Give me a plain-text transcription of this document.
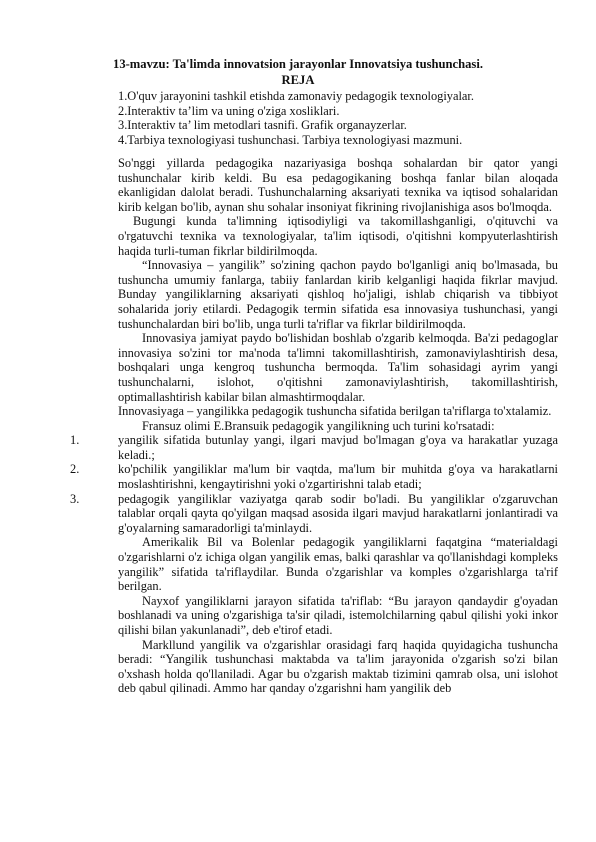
13-mavzu: Ta'limda innovatsion jarayonlar Innovatsiya tushunchasi.
REJA
1.O'quv jarayonini tashkil etishda zamonaviy pedagogik texnologiyalar.
2.Interaktiv ta’lim va uning o'ziga xosliklari.
3.Interaktiv ta’ lim metodlari tasnifi. Grafik organayzerlar.
4.Tarbiya texnologiyasi tushunchasi. Tarbiya texnologiyasi mazmuni.

So'nggi yillarda pedagogika nazariyasiga boshqa sohalardan bir qator yangi tushunchalar kirib keldi. Bu esa pedagogikaning boshqa fanlar bilan aloqada ekanligidan dalolat beradi. Tushunchalarning aksariyati texnika va iqtisod sohalaridan kirib kelgan bo'lib, aynan shu sohalar insoniyat fikrining rivojlanishiga asos bo'lmoqda.

Bugungi kunda ta'limning iqtisodiyligi va takomillashganligi, o'qituvchi va o'rgatuvchi texnika va texnologiyalar, ta'lim iqtisodi, o'qitishni kompyuterlashtirish haqida turli-tuman fikrlar bildirilmoqda.

“Innovasiya – yangilik” so'zining qachon paydo bo'lganligi aniq bo'lmasada, bu tushuncha umumiy fanlarga, tabiiy fanlardan kirib kelganligi haqida fikrlar mavjud. Bunday yangiliklarning aksariyati qishloq ho'jaligi, ishlab chiqarish va tibbiyot sohalarida joriy etilardi. Pedagogik termin sifatida esa innovasiya tushunchasi, yangi tushunchalardan biri bo'lib, unga turli ta'riflar va fikrlar bildirilmoqda.

Innovasiya jamiyat paydo bo'lishidan boshlab o'zgarib kelmoqda. Ba'zi pedagoglar innovasiya so'zini tor ma'noda ta'limni takomillashtirish, zamonaviylashtirish desa, boshqalari unga kengroq tushuncha bermoqda. Ta'lim sohasidagi ayrim yangi tushunchalarni, islohot, o'qitishni zamonaviylashtirish, takomillashtirish, optimallashtirish kabilar bilan almashtirmoqdalar.

Innovasiyaga – yangilikka pedagogik tushuncha sifatida berilgan ta'riflarga to'xtalamiz.

Fransuz olimi E.Bransuik pedagogik yangilikning uch turini ko'rsatadi:

1.	yangilik sifatida butunlay yangi, ilgari mavjud bo'lmagan g'oya va harakatlar yuzaga keladi.;
2.	ko'pchilik yangiliklar ma'lum bir vaqtda, ma'lum bir muhitda g'oya va harakatlarni moslashtirishni, kengaytirishni yoki o'zgartirishni talab etadi;
3.	pedagogik yangiliklar vaziyatga qarab sodir bo'ladi. Bu yangiliklar o'zgaruvchan talablar orqali qayta qo'yilgan maqsad asosida ilgari mavjud harakatlarni jonlantiradi va g'oyalarning samaradorligi ta'minlaydi.

Amerikalik Bil va Bolenlar pedagogik yangiliklarni faqatgina “materialdagi o'zgarishlarni o'z ichiga olgan yangilik emas, balki qarashlar va qo'llanishdagi kompleks yangilik” sifatida ta'riflaydilar. Bunda o'zgarishlar va komples o'zgarishlarga ta'rif berilgan.

Nayxof yangiliklarni jarayon sifatida ta'riflab: “Bu jarayon qandaydir g'oyadan boshlanadi va uning o'zgarishiga ta'sir qiladi, istemolchilarning qabul qilishi yoki inkor qilishi bilan yakunlanadi”, deb e'tirof etadi.

Markllund yangilik va o'zgarishlar orasidagi farq haqida quyidagicha tushuncha beradi: “Yangilik tushunchasi maktabda va ta'lim jarayonida o'zgarish so'zi bilan o'xshash holda qo'llaniladi. Agar bu o'zgarish maktab tizimini qamrab olsa, uni islohot deb qabul qilinadi. Ammo har qanday o'zgarishni ham yangilik deb
